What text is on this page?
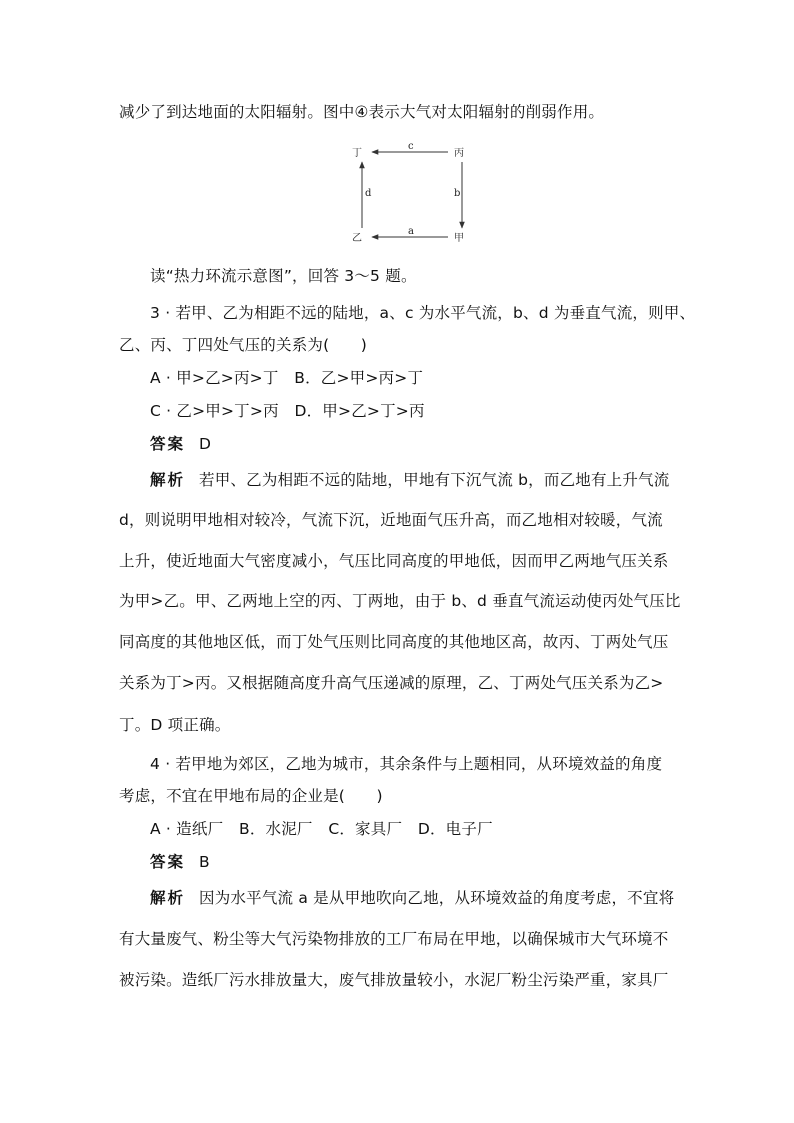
减少了到达地面的太阳辐射。图中④表示大气对太阳辐射的削弱作用。
丁	丙
乙	甲
c
b
a
d
读“热力环流示意图”，回答 3～5 题。
3 · 若甲、乙为相距不远的陆地，a、c 为水平气流，b、d 为垂直气流，则甲、
乙、丙、丁四处气压的关系为(　　)
A · 甲>乙>丙>丁　B．乙>甲>丙>丁
C · 乙>甲>丁>丙　D．甲>乙>丁>丙
答案 D
解析 若甲、乙为相距不远的陆地，甲地有下沉气流 b，而乙地有上升气流
d，则说明甲地相对较冷，气流下沉，近地面气压升高，而乙地相对较暖，气流
上升，使近地面大气密度减小，气压比同高度的甲地低，因而甲乙两地气压关系
为甲>乙。甲、乙两地上空的丙、丁两地，由于 b、d 垂直气流运动使丙处气压比
同高度的其他地区低，而丁处气压则比同高度的其他地区高，故丙、丁两处气压
关系为丁>丙。又根据随高度升高气压递减的原理，乙、丁两处气压关系为乙>
丁。D 项正确。
4 · 若甲地为郊区，乙地为城市，其余条件与上题相同，从环境效益的角度
考虑，不宜在甲地布局的企业是(　　)
A · 造纸厂　B．水泥厂　C．家具厂　D．电子厂
答案 B
解析 因为水平气流 a 是从甲地吹向乙地，从环境效益的角度考虑，不宜将
有大量废气、粉尘等大气污染物排放的工厂布局在甲地，以确保城市大气环境不
被污染。造纸厂污水排放量大，废气排放量较小，水泥厂粉尘污染严重，家具厂
